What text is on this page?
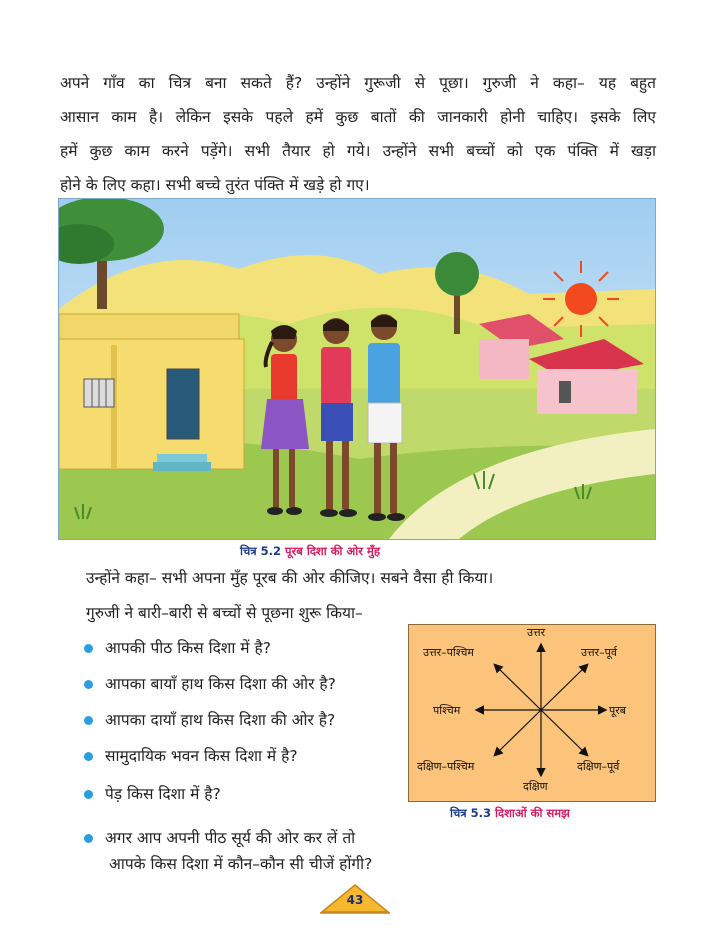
अपने गाँव का चित्र बना सकते हैं? उन्होंने गुरूजी से पूछा। गुरुजी ने कहा– यह बहुत
आसान काम है। लेकिन इसके पहले हमें कुछ बातों की जानकारी होनी चाहिए। इसके लिए
हमें कुछ काम करने पड़ेंगे। सभी तैयार हो गये। उन्होंने सभी बच्चों को एक पंक्ति में खड़ा
होने के लिए कहा। सभी बच्चे तुरंत पंक्ति में खड़े हो गए।
चित्र 5.2 पूरब दिशा की ओर मुँह
उन्होंने कहा– सभी अपना मुँह पूरब की ओर कीजिए। सबने वैसा ही किया।
गुरुजी ने बारी–बारी से बच्चों से पूछना शुरू किया–
आपकी पीठ किस दिशा में है?
आपका बायाँ हाथ किस दिशा की ओर है?
आपका दायाँ हाथ किस दिशा की ओर है?
सामुदायिक भवन किस दिशा में है?
पेड़ किस दिशा में है?
अगर आप अपनी पीठ सूर्य की ओर कर लें तो
आपके किस दिशा में कौन–कौन सी चीजें होंगी?
उत्तर
दक्षिण
पूरब
पश्चिम
उत्तर–पश्चिम	उत्तर–पूर्व
दक्षिण–पश्चिम	दक्षिण–पूर्व
चित्र 5.3 दिशाओं की समझ
43
